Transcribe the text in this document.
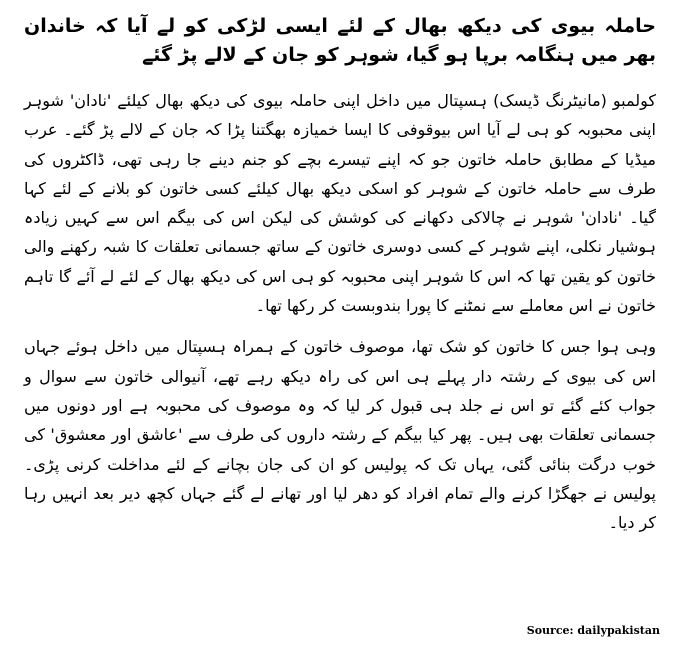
حاملہ بیوی کی دیکھ بھال کے لئے ایسی لڑکی کو لے آیا کہ خاندان بھر میں ہنگامہ برپا ہو گیا، شوہر کو جان کے لالے پڑ گئے

کولمبو (مانیٹرنگ ڈیسک) ہسپتال میں داخل اپنی حاملہ بیوی کی دیکھ بھال کیلئے 'نادان' شوہر اپنی محبوبہ کو ہی لے آیا اس بیوقوفی کا ایسا خمیازہ بھگتنا پڑا کہ جان کے لالے پڑ گئے۔ عرب میڈیا کے مطابق حاملہ خاتون جو کہ اپنے تیسرے بچے کو جنم دینے جا رہی تھی، ڈاکٹروں کی طرف سے حاملہ خاتون کے شوہر کو اسکی دیکھ بھال کیلئے کسی خاتون کو بلانے کے لئے کہا گیا۔ 'نادان' شوہر نے چالاکی دکھانے کی کوشش کی لیکن اس کی بیگم اس سے کہیں زیادہ ہوشیار نکلی، اپنے شوہر کے کسی دوسری خاتون کے ساتھ جسمانی تعلقات کا شبہ رکھنے والی خاتون کو یقین تھا کہ اس کا شوہر اپنی محبوبہ کو ہی اس کی دیکھ بھال کے لئے لے آئے گا تاہم خاتون نے اس معاملے سے نمٹنے کا پورا بندوبست کر رکھا تھا۔

وہی ہوا جس کا خاتون کو شک تھا، موصوف خاتون کے ہمراہ ہسپتال میں داخل ہوئے جہاں اس کی بیوی کے رشتہ دار پہلے ہی اس کی راہ دیکھ رہے تھے، آنیوالی خاتون سے سوال و جواب کئے گئے تو اس نے جلد ہی قبول کر لیا کہ وہ موصوف کی محبوبہ ہے اور دونوں میں جسمانی تعلقات بھی ہیں۔ پھر کیا بیگم کے رشتہ داروں کی طرف سے 'عاشق اور معشوق' کی خوب درگت بنائی گئی، یہاں تک کہ پولیس کو ان کی جان بچانے کے لئے مداخلت کرنی پڑی۔ پولیس نے جھگڑا کرنے والے تمام افراد کو دھر لیا اور تھانے لے گئے جہاں کچھ دیر بعد انہیں رہا کر دیا۔

Source: dailypakistan
